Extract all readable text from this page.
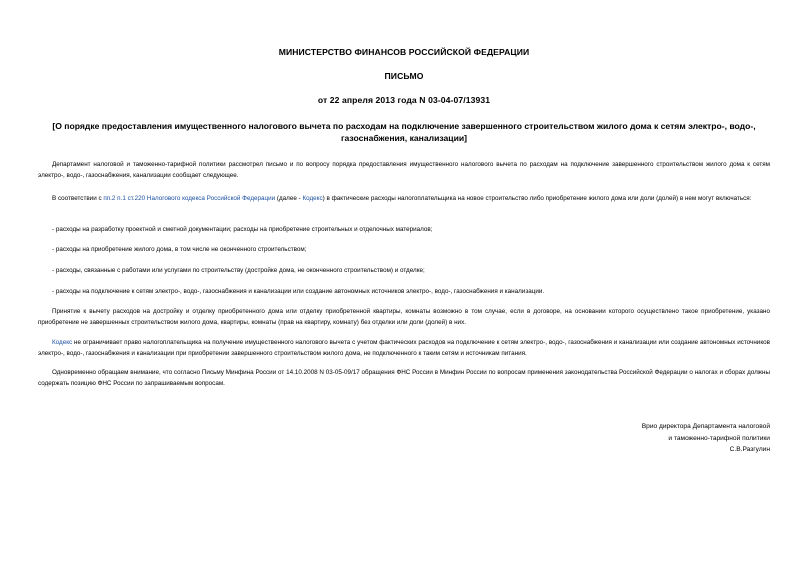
МИНИСТЕРСТВО ФИНАНСОВ РОССИЙСКОЙ ФЕДЕРАЦИИ
ПИСЬМО
от 22 апреля 2013 года N 03-04-07/13931
[О порядке предоставления имущественного налогового вычета по расходам на подключение завершенного строительством жилого дома к сетям электро-, водо-, газоснабжения, канализации]
Департамент налоговой и таможенно-тарифной политики рассмотрел письмо и по вопросу порядка предоставления имущественного налогового вычета по расходам на подключение завершенного строительством жилого дома к сетям электро-, водо-, газоснабжения, канализации сообщает следующее.
В соответствии с пп.2 п.1 ст.220 Налогового кодекса Российской Федерации (далее - Кодекс) в фактические расходы налогоплательщика на новое строительство либо приобретение жилого дома или доли (долей) в нем могут включаться:
- расходы на разработку проектной и сметной документации; расходы на приобретение строительных и отделочных материалов;
- расходы на приобретение жилого дома, в том числе не оконченного строительством;
- расходы, связанные с работами или услугами по строительству (достройке дома, не оконченного строительством) и отделке;
- расходы на подключение к сетям электро-, водо-, газоснабжения и канализации или создание автономных источников электро-, водо-, газоснабжения и канализации.
Принятие к вычету расходов на достройку и отделку приобретенного дома или отделку приобретенной квартиры, комнаты возможно в том случае, если в договоре, на основании которого осуществлено такое приобретение, указано приобретение не завершенных строительством жилого дома, квартиры, комнаты (прав на квартиру, комнату) без отделки или доли (долей) в них.
Кодекс не ограничивает право налогоплательщика на получение имущественного налогового вычета с учетом фактических расходов на подключение к сетям электро-, водо-, газоснабжения и канализации или создание автономных источников электро-, водо-, газоснабжения и канализации при приобретении завершенного строительством жилого дома, не подключенного к таким сетям и источникам питания.
Одновременно обращаем внимание, что согласно Письму Минфина России от 14.10.2008 N 03-05-09/17 обращения ФНС России в Минфин России по вопросам применения законодательства Российской Федерации о налогах и сборах должны содержать позицию ФНС России по запрашиваемым вопросам.
Врио директора Департамента налоговой
и таможенно-тарифной политики
С.В.Разгулин
